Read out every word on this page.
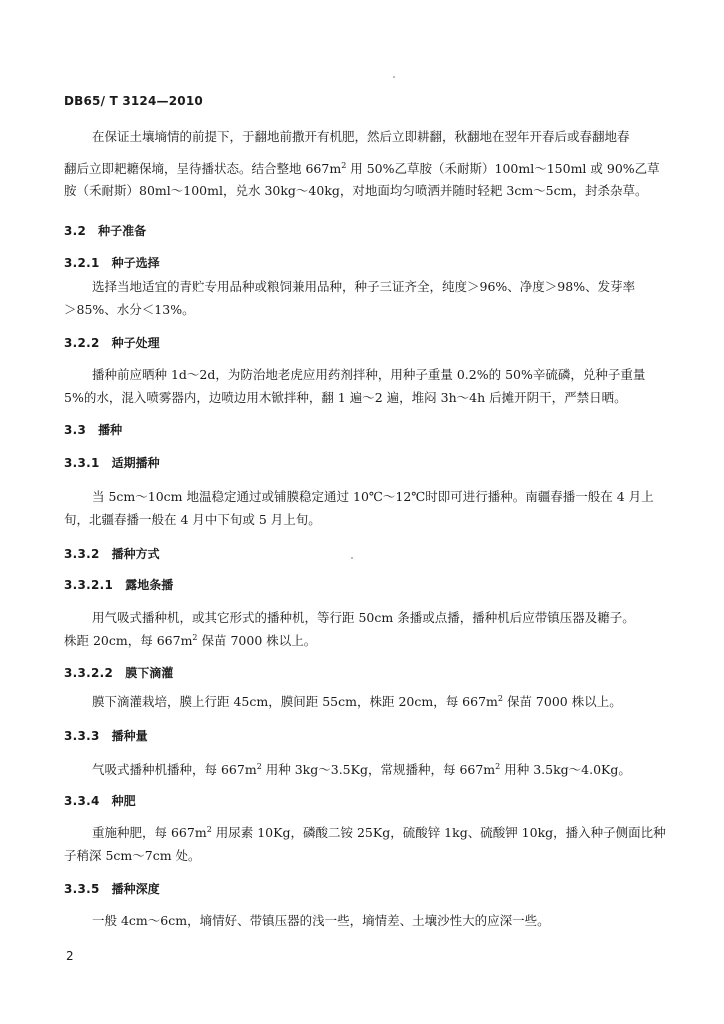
DB65/ T 3124—2010
在保证土壤墒情的前提下，于翻地前撒开有机肥，然后立即耕翻，秋翻地在翌年开春后或春翻地春
翻后立即耙耱保墒，呈待播状态。结合整地 $667m^2$ 用 50%乙草胺（禾耐斯）100ml～150ml 或 90%乙草
胺（禾耐斯）80ml～100ml，兑水 30kg～40kg，对地面均匀喷洒并随时轻耙 3cm～5cm，封杀杂草。
3.2 种子准备
3.2.1 种子选择
选择当地适宜的青贮专用品种或粮饲兼用品种，种子三证齐全，纯度＞96%、净度＞98%、发芽率
＞85%、水分＜13%。
3.2.2 种子处理
播种前应晒种 1d～2d，为防治地老虎应用药剂拌种，用种子重量 0.2%的 50%辛硫磷，兑种子重量
5%的水，混入喷雾器内，边喷边用木锨拌种，翻 1 遍～2 遍，堆闷 3h～4h 后摊开阴干，严禁日晒。
3.3 播种
3.3.1 适期播种
当 5cm～10cm 地温稳定通过或铺膜稳定通过 10℃～12℃时即可进行播种。南疆春播一般在 4 月上
旬，北疆春播一般在 4 月中下旬或 5 月上旬。
3.3.2 播种方式
3.3.2.1 露地条播
用气吸式播种机，或其它形式的播种机，等行距 50cm 条播或点播，播种机后应带镇压器及耱子。
株距 20cm，每 $667m^2$ 保苗 7000 株以上。
3.3.2.2 膜下滴灌
膜下滴灌栽培，膜上行距 45cm，膜间距 55cm，株距 20cm，每 $667m^2$ 保苗 7000 株以上。
3.3.3 播种量
气吸式播种机播种，每 $667m^2$ 用种 3kg～3.5Kg，常规播种，每 $667m^2$ 用种 3.5kg～4.0Kg。
3.3.4 种肥
重施种肥，每 $667m^2$ 用尿素 10Kg，磷酸二铵 25Kg，硫酸锌 1kg、硫酸钾 10kg，播入种子侧面比种
子稍深 5cm～7cm 处。
3.3.5 播种深度
一般 4cm～6cm，墒情好、带镇压器的浅一些，墒情差、土壤沙性大的应深一些。
2
